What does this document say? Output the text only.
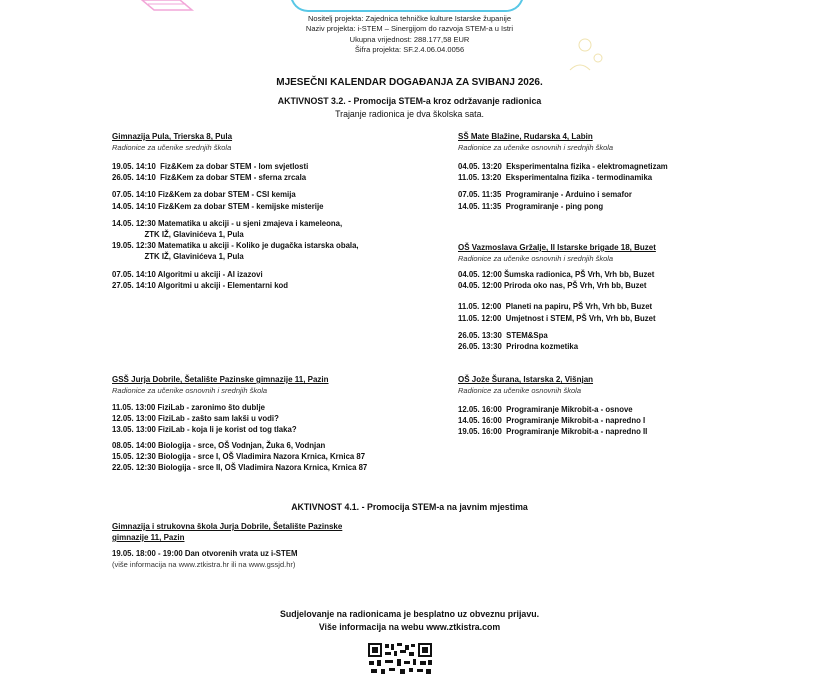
Nositelj projekta: Zajednica tehničke kulture Istarske županije
Naziv projekta: i-STEM – Sinergijom do razvoja STEM-a u Istri
Ukupna vrijednost: 288.177,58 EUR
Šifra projekta: SF.2.4.06.04.0056
MJESEČNI KALENDAR DOGAĐANJA ZA SVIBANJ 2026.
AKTIVNOST 3.2. - Promocija STEM-a kroz održavanje radionica
Trajanje radionica je dva školska sata.
Gimnazija Pula, Trierska 8, Pula
Radionice za učenike srednjih škola
19.05. 14:10  Fiz&Kem za dobar STEM - lom svjetlosti
26.05. 14:10  Fiz&Kem za dobar STEM - sferna zrcala
07.05. 14:10 Fiz&Kem za dobar STEM - CSI kemija
14.05. 14:10 Fiz&Kem za dobar STEM - kemijske misterije
14.05. 12:30 Matematika u akciji - u sjeni zmajeva i kameleona,
ZTK IŽ, Glavinićeva 1, Pula
19.05. 12:30 Matematika u akciji - Koliko je dugačka istarska obala,
ZTK IŽ, Glavinićeva 1, Pula
07.05. 14:10 Algoritmi u akciji - AI izazovi
27.05. 14:10 Algoritmi u akciji - Elementarni kod
SŠ Mate Blažine, Rudarska 4, Labin
Radionice za učenike osnovnih i srednjih škola
04.05. 13:20  Eksperimentalna fizika - elektromagnetizam
11.05. 13:20  Eksperimentalna fizika - termodinamika
07.05. 11:35  Programiranje - Arduino i semafor
14.05. 11:35  Programiranje - ping pong
OŠ Vazmoslava Gržalje, II Istarske brigade 18, Buzet
Radionice za učenike osnovnih i srednjih škola
04.05. 12:00 Šumska radionica, PŠ Vrh, Vrh bb, Buzet
04.05. 12:00 Priroda oko nas, PŠ Vrh, Vrh bb, Buzet
11.05. 12:00  Planeti na papiru, PŠ Vrh, Vrh bb, Buzet
11.05. 12:00  Umjetnost i STEM, PŠ Vrh, Vrh bb, Buzet
26.05. 13:30  STEM&Spa
26.05. 13:30  Prirodna kozmetika
GSŠ Jurja Dobrile, Šetalište Pazinske gimnazije 11, Pazin
Radionice za učenike osnovnih i srednjih škola
11.05. 13:00 FiziLab - zaronimo što dublje
12.05. 13:00 FiziLab - zašto sam lakši u vodi?
13.05. 13:00 FiziLab - koja li je korist od tog tlaka?
08.05. 14:00 Biologija - srce, OŠ Vodnjan, Žuka 6, Vodnjan
15.05. 12:30 Biologija - srce I, OŠ Vladimira Nazora Krnica, Krnica 87
22.05. 12:30 Biologija - srce II, OŠ Vladimira Nazora Krnica, Krnica 87
OŠ Jože Šurana, Istarska 2, Višnjan
Radionice za učenike osnovnih škola
12.05. 16:00  Programiranje Mikrobit-a - osnove
14.05. 16:00  Programiranje Mikrobit-a - napredno I
19.05. 16:00  Programiranje Mikrobit-a - napredno II
AKTIVNOST 4.1. - Promocija STEM-a na javnim mjestima
Gimnazija i strukovna škola Jurja Dobrile, Šetalište Pazinske
gimnazije 11, Pazin
19.05. 18:00 - 19:00 Dan otvorenih vrata uz i-STEM
(više informacija na www.ztkistra.hr ili na www.gssjd.hr)
Sudjelovanje na radionicama je besplatno uz obveznu prijavu.
Više informacija na webu www.ztkistra.com
